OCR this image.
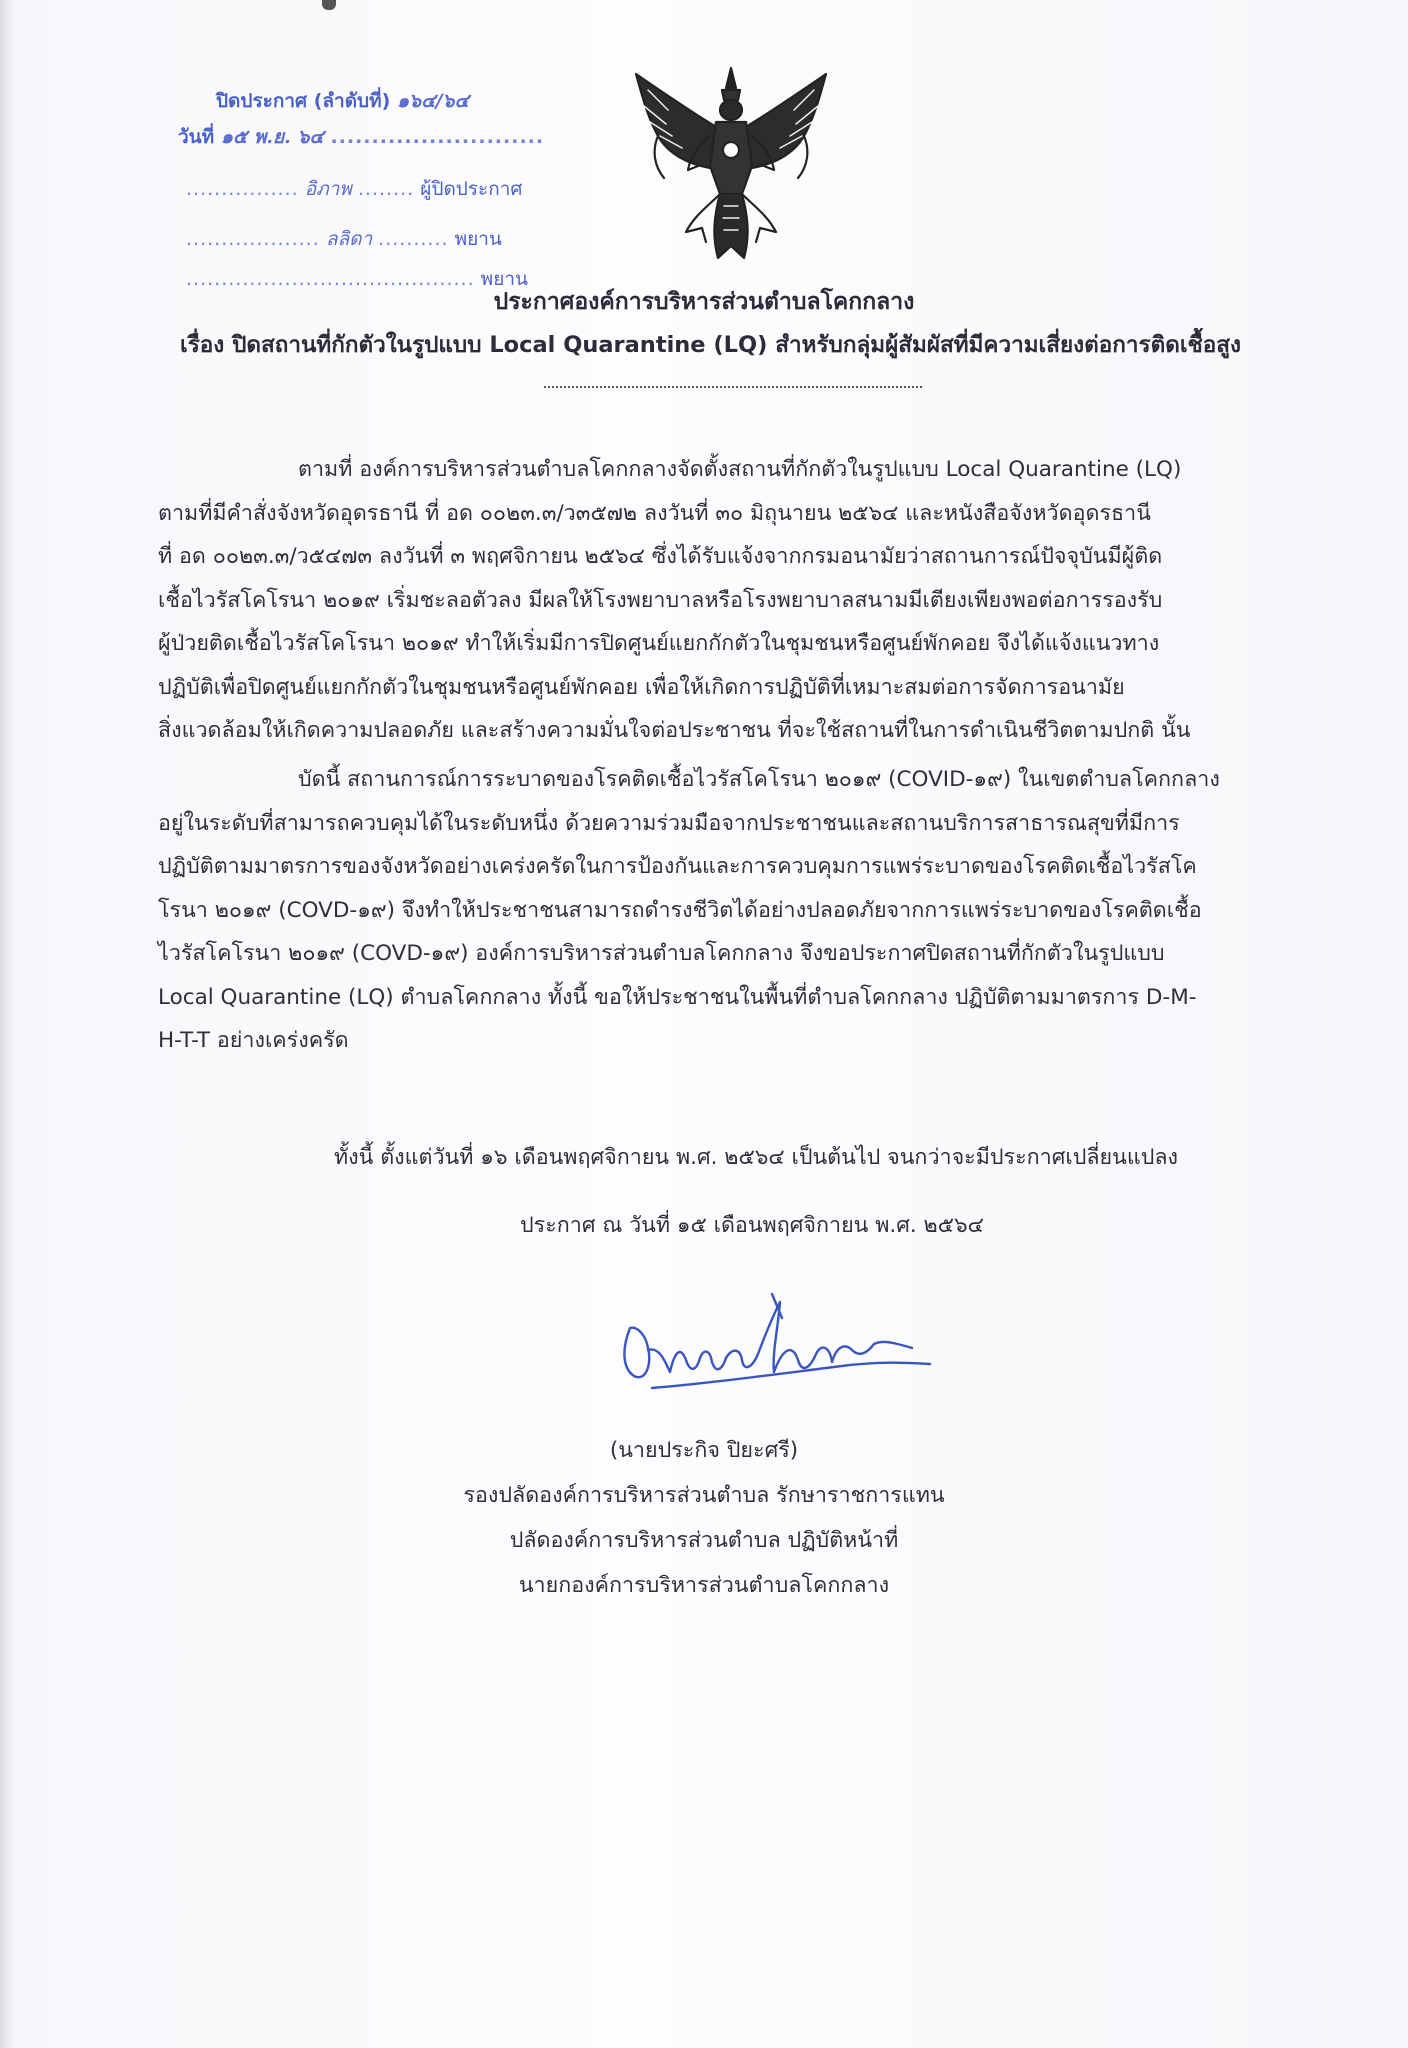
ปิดประกาศ (ลำดับที่) ๑๖๔/๖๔
วันที่ ๑๕ พ.ย. ๖๔ ..........................
................ อิภาพ ........ ผู้ปิดประกาศ
................... ลลิดา .......... พยาน
......................................... พยาน
ประกาศองค์การบริหารส่วนตำบลโคกกลาง
เรื่อง ปิดสถานที่กักตัวในรูปแบบ Local Quarantine (LQ) สำหรับกลุ่มผู้สัมผัสที่มีความเสี่ยงต่อการติดเชื้อสูง
ตามที่ องค์การบริหารส่วนตำบลโคกกลางจัดตั้งสถานที่กักตัวในรูปแบบ Local Quarantine (LQ)
ตามที่มีคำสั่งจังหวัดอุดรธานี ที่ อด ๐๐๒๓.๓/ว๓๕๗๒ ลงวันที่ ๓๐ มิถุนายน ๒๕๖๔ และหนังสือจังหวัดอุดรธานี
ที่ อด ๐๐๒๓.๓/ว๕๔๗๓ ลงวันที่ ๓ พฤศจิกายน ๒๕๖๔ ซึ่งได้รับแจ้งจากกรมอนามัยว่าสถานการณ์ปัจจุบันมีผู้ติด
เชื้อไวรัสโคโรนา ๒๐๑๙ เริ่มชะลอตัวลง มีผลให้โรงพยาบาลหรือโรงพยาบาลสนามมีเตียงเพียงพอต่อการรองรับ
ผู้ป่วยติดเชื้อไวรัสโคโรนา ๒๐๑๙ ทำให้เริ่มมีการปิดศูนย์แยกกักตัวในชุมชนหรือศูนย์พักคอย จึงได้แจ้งแนวทาง
ปฏิบัติเพื่อปิดศูนย์แยกกักตัวในชุมชนหรือศูนย์พักคอย เพื่อให้เกิดการปฏิบัติที่เหมาะสมต่อการจัดการอนามัย
สิ่งแวดล้อมให้เกิดความปลอดภัย และสร้างความมั่นใจต่อประชาชน ที่จะใช้สถานที่ในการดำเนินชีวิตตามปกติ นั้น
บัดนี้ สถานการณ์การระบาดของโรคติดเชื้อไวรัสโคโรนา ๒๐๑๙ (COVID-๑๙) ในเขตตำบลโคกกลาง
อยู่ในระดับที่สามารถควบคุมได้ในระดับหนึ่ง ด้วยความร่วมมือจากประชาชนและสถานบริการสาธารณสุขที่มีการ
ปฏิบัติตามมาตรการของจังหวัดอย่างเคร่งครัดในการป้องกันและการควบคุมการแพร่ระบาดของโรคติดเชื้อไวรัสโค
โรนา ๒๐๑๙ (COVD-๑๙) จึงทำให้ประชาชนสามารถดำรงชีวิตได้อย่างปลอดภัยจากการแพร่ระบาดของโรคติดเชื้อ
ไวรัสโคโรนา ๒๐๑๙ (COVD-๑๙) องค์การบริหารส่วนตำบลโคกกลาง จึงขอประกาศปิดสถานที่กักตัวในรูปแบบ
Local Quarantine (LQ) ตำบลโคกกลาง ทั้งนี้ ขอให้ประชาชนในพื้นที่ตำบลโคกกลาง ปฏิบัติตามมาตรการ D-M-
H-T-T อย่างเคร่งครัด
ทั้งนี้ ตั้งแต่วันที่ ๑๖ เดือนพฤศจิกายน พ.ศ. ๒๕๖๔ เป็นต้นไป จนกว่าจะมีประกาศเปลี่ยนแปลง
ประกาศ ณ วันที่ ๑๕ เดือนพฤศจิกายน พ.ศ. ๒๕๖๔
(นายประกิจ ปิยะศรี)
รองปลัดองค์การบริหารส่วนตำบล รักษาราชการแทน
ปลัดองค์การบริหารส่วนตำบล ปฏิบัติหน้าที่
นายกองค์การบริหารส่วนตำบลโคกกลาง
